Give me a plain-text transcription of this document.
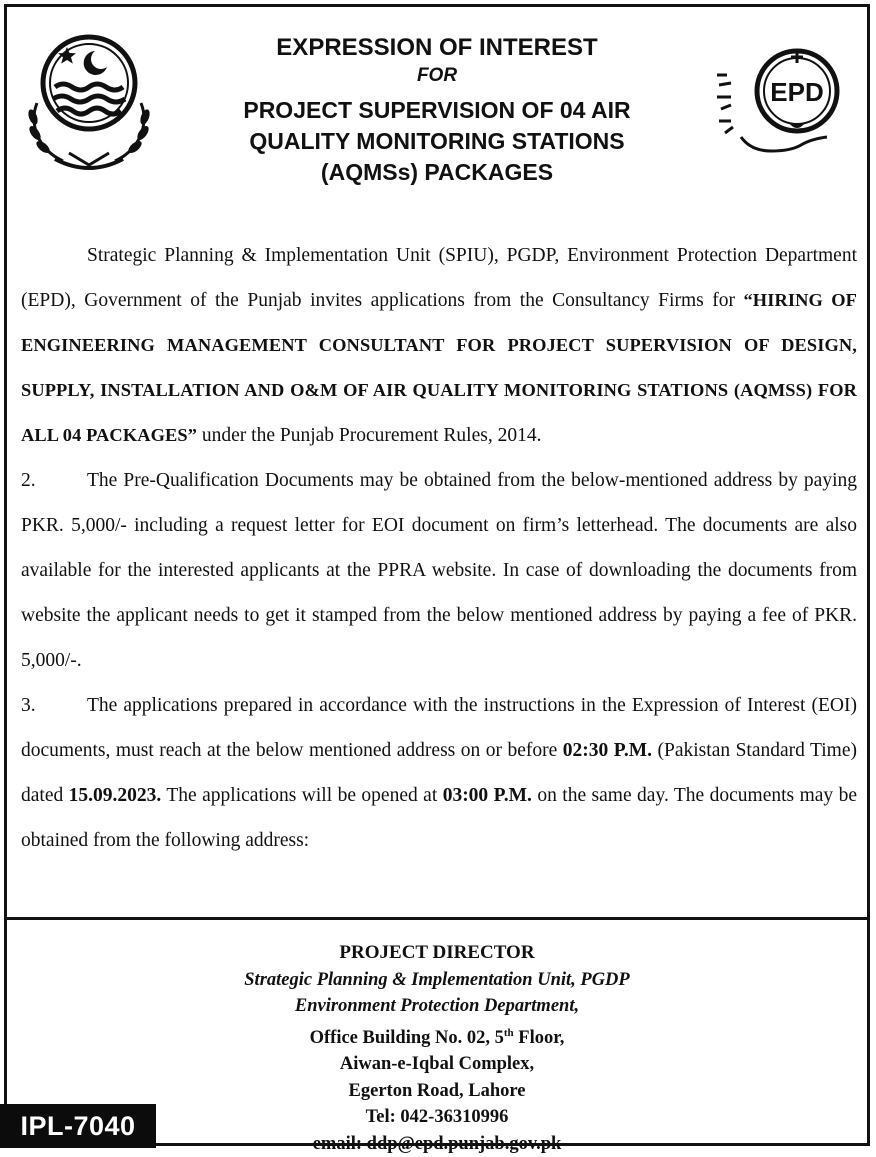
EXPRESSION OF INTEREST
FOR
PROJECT SUPERVISION OF 04 AIR
QUALITY MONITORING STATIONS
(AQMSs) PACKAGES
EPD

Strategic Planning & Implementation Unit (SPIU), PGDP, Environment Protection Department (EPD), Government of the Punjab invites applications from the Consultancy Firms for “HIRING OF ENGINEERING MANAGEMENT CONSULTANT FOR PROJECT SUPERVISION OF DESIGN, SUPPLY, INSTALLATION AND O&M OF AIR QUALITY MONITORING STATIONS (AQMSS) FOR ALL 04 PACKAGES” under the Punjab Procurement Rules, 2014.

2.	The Pre-Qualification Documents may be obtained from the below-mentioned address by paying PKR. 5,000/- including a request letter for EOI document on firm’s letterhead. The documents are also available for the interested applicants at the PPRA website. In case of downloading the documents from website the applicant needs to get it stamped from the below mentioned address by paying a fee of PKR. 5,000/-.

3.	The applications prepared in accordance with the instructions in the Expression of Interest (EOI) documents, must reach at the below mentioned address on or before 02:30 P.M. (Pakistan Standard Time) dated 15.09.2023. The applications will be opened at 03:00 P.M. on the same day. The documents may be obtained from the following address:

PROJECT DIRECTOR
Strategic Planning & Implementation Unit, PGDP
Environment Protection Department,
Office Building No. 02, 5th Floor,
Aiwan-e-Iqbal Complex,
Egerton Road, Lahore
Tel: 042-36310996
email: ddp@epd.punjab.gov.pk
IPL-7040
